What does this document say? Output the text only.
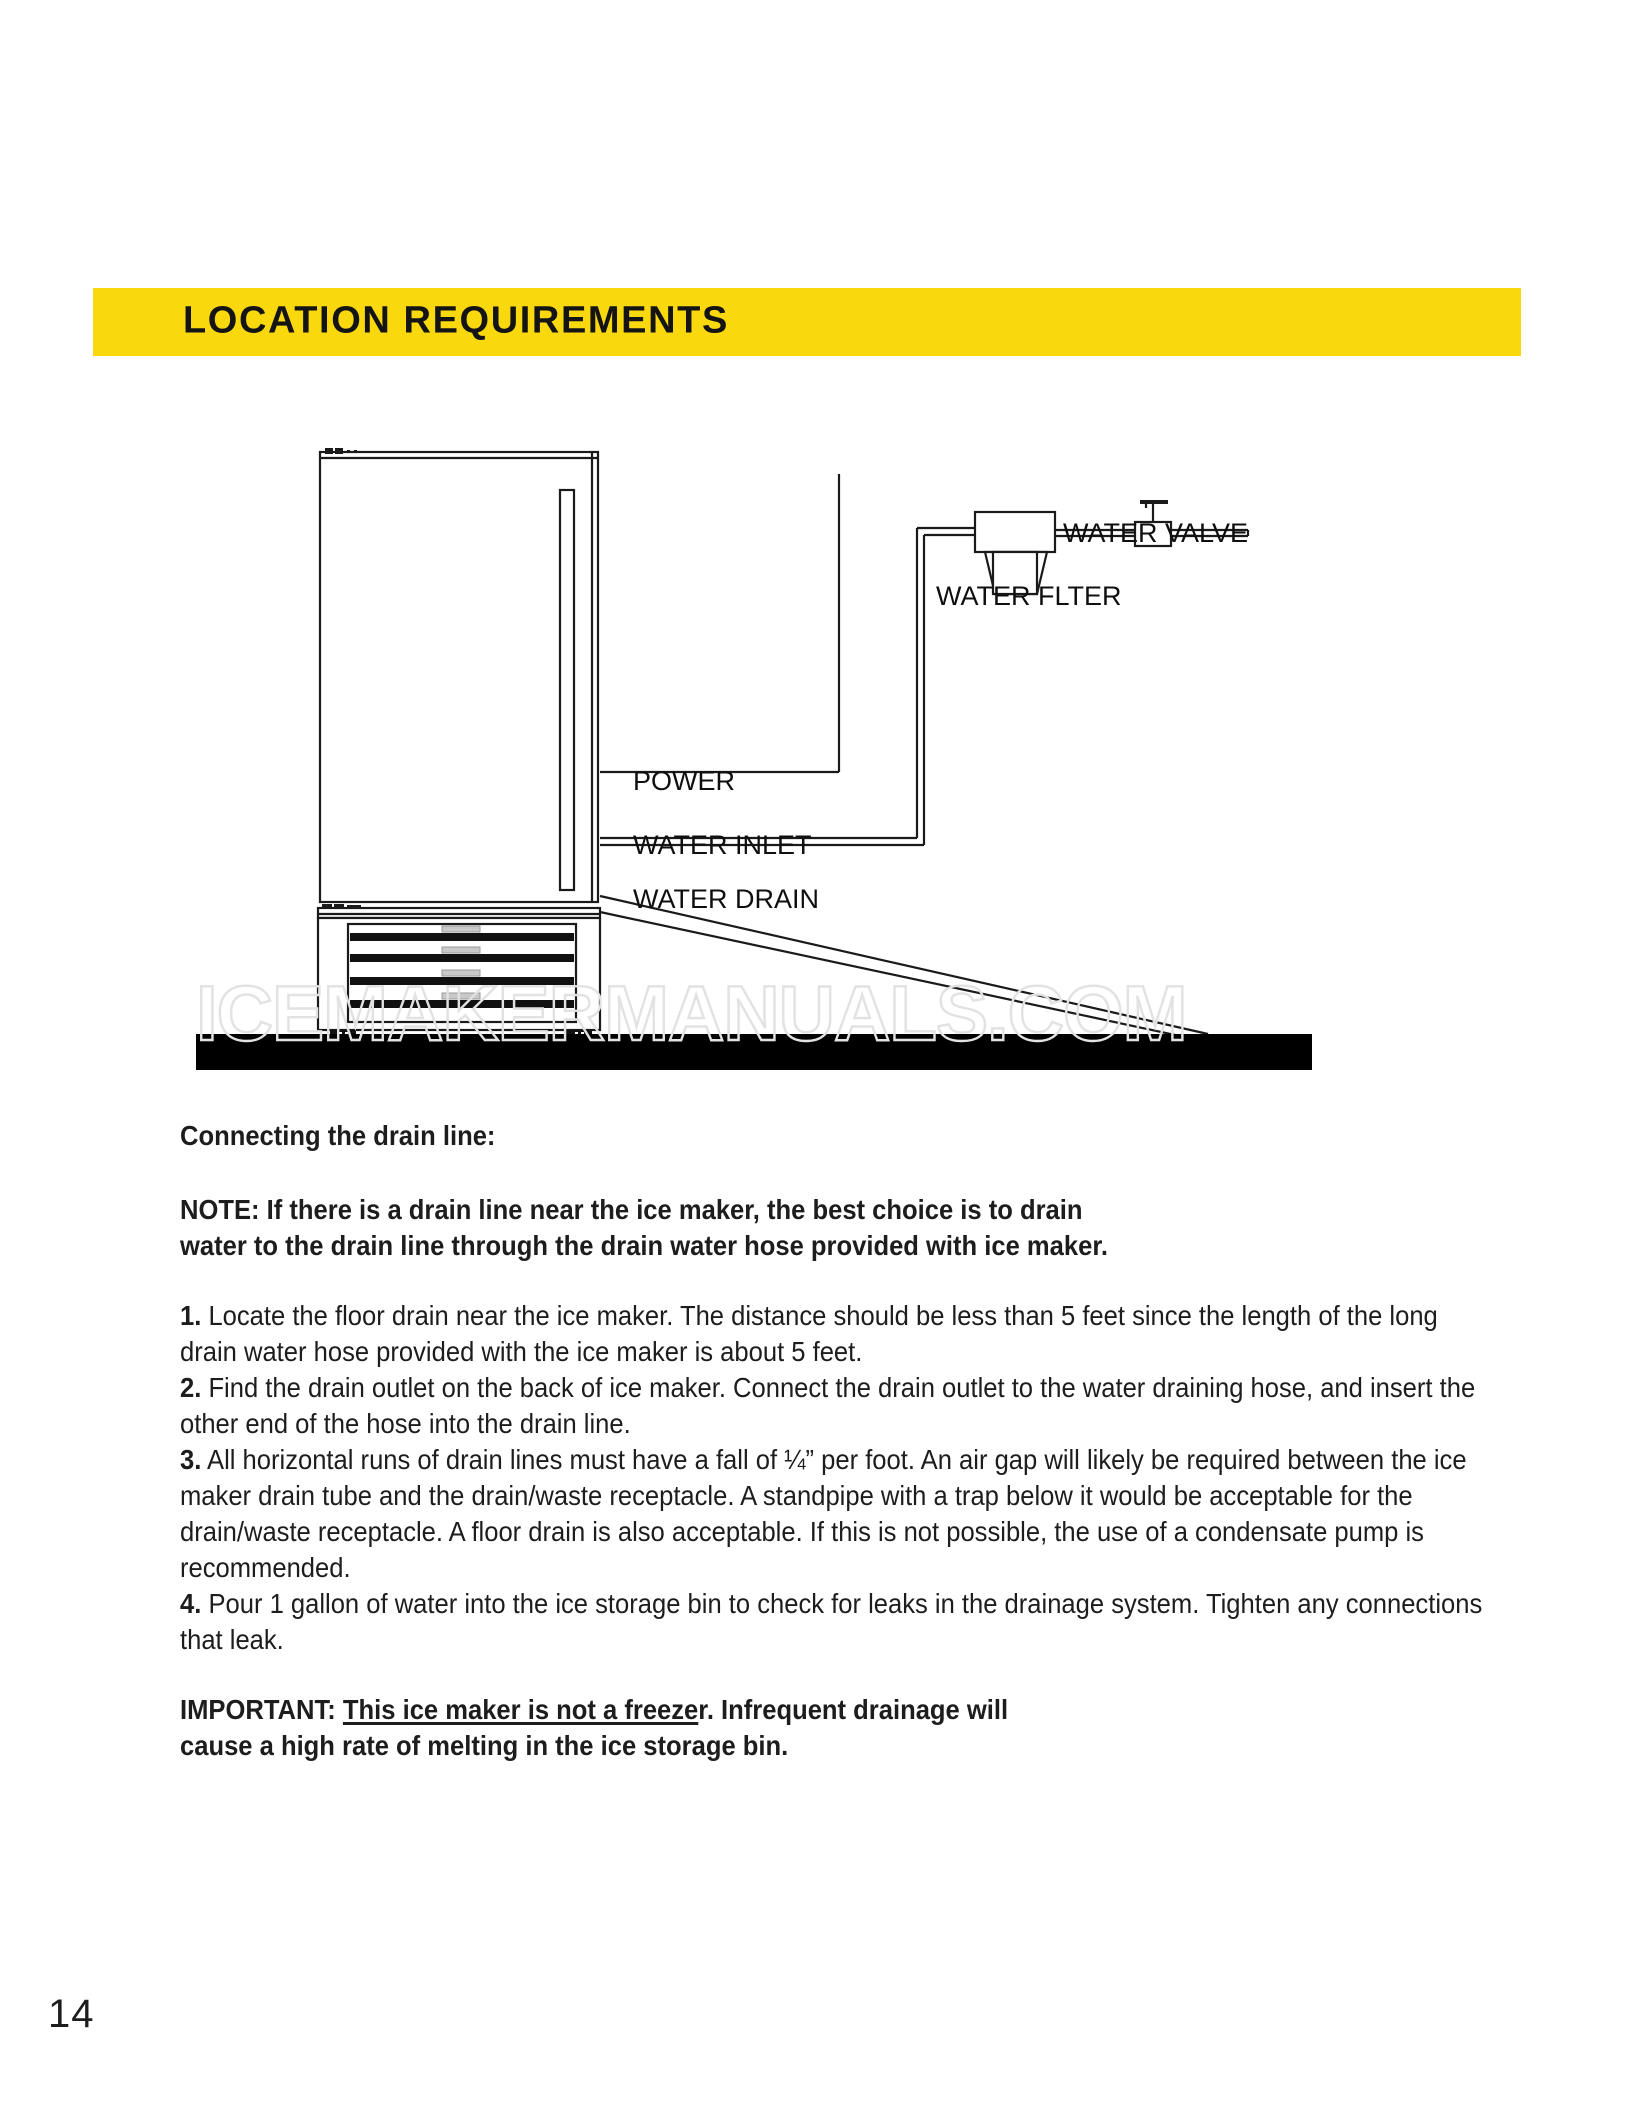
LOCATION REQUIREMENTS
WATER VALVE
WATER FLTER
POWER
WATER INLET
WATER DRAIN
ICEMAKERMANUALS.COM
Connecting the drain line:
NOTE: If there is a drain line near the ice maker, the best choice is to drain
water to the drain line through the drain water hose provided with ice maker.
1. Locate the floor drain near the ice maker. The distance should be less than 5 feet since the length of the long drain water hose provided with the ice maker is about 5 feet.
2. Find the drain outlet on the back of ice maker. Connect the drain outlet to the water draining hose, and insert the other end of the hose into the drain line.
3. All horizontal runs of drain lines must have a fall of ¼” per foot. An air gap will likely be required between the ice maker drain tube and the drain/waste receptacle. A standpipe with a trap below it would be acceptable for the drain/waste receptacle. A floor drain is also acceptable. If this is not possible, the use of a condensate pump is recommended.
4. Pour 1 gallon of water into the ice storage bin to check for leaks in the drainage system. Tighten any connections that leak.
IMPORTANT: This ice maker is not a freezer. Infrequent drainage will
cause a high rate of melting in the ice storage bin.
14
